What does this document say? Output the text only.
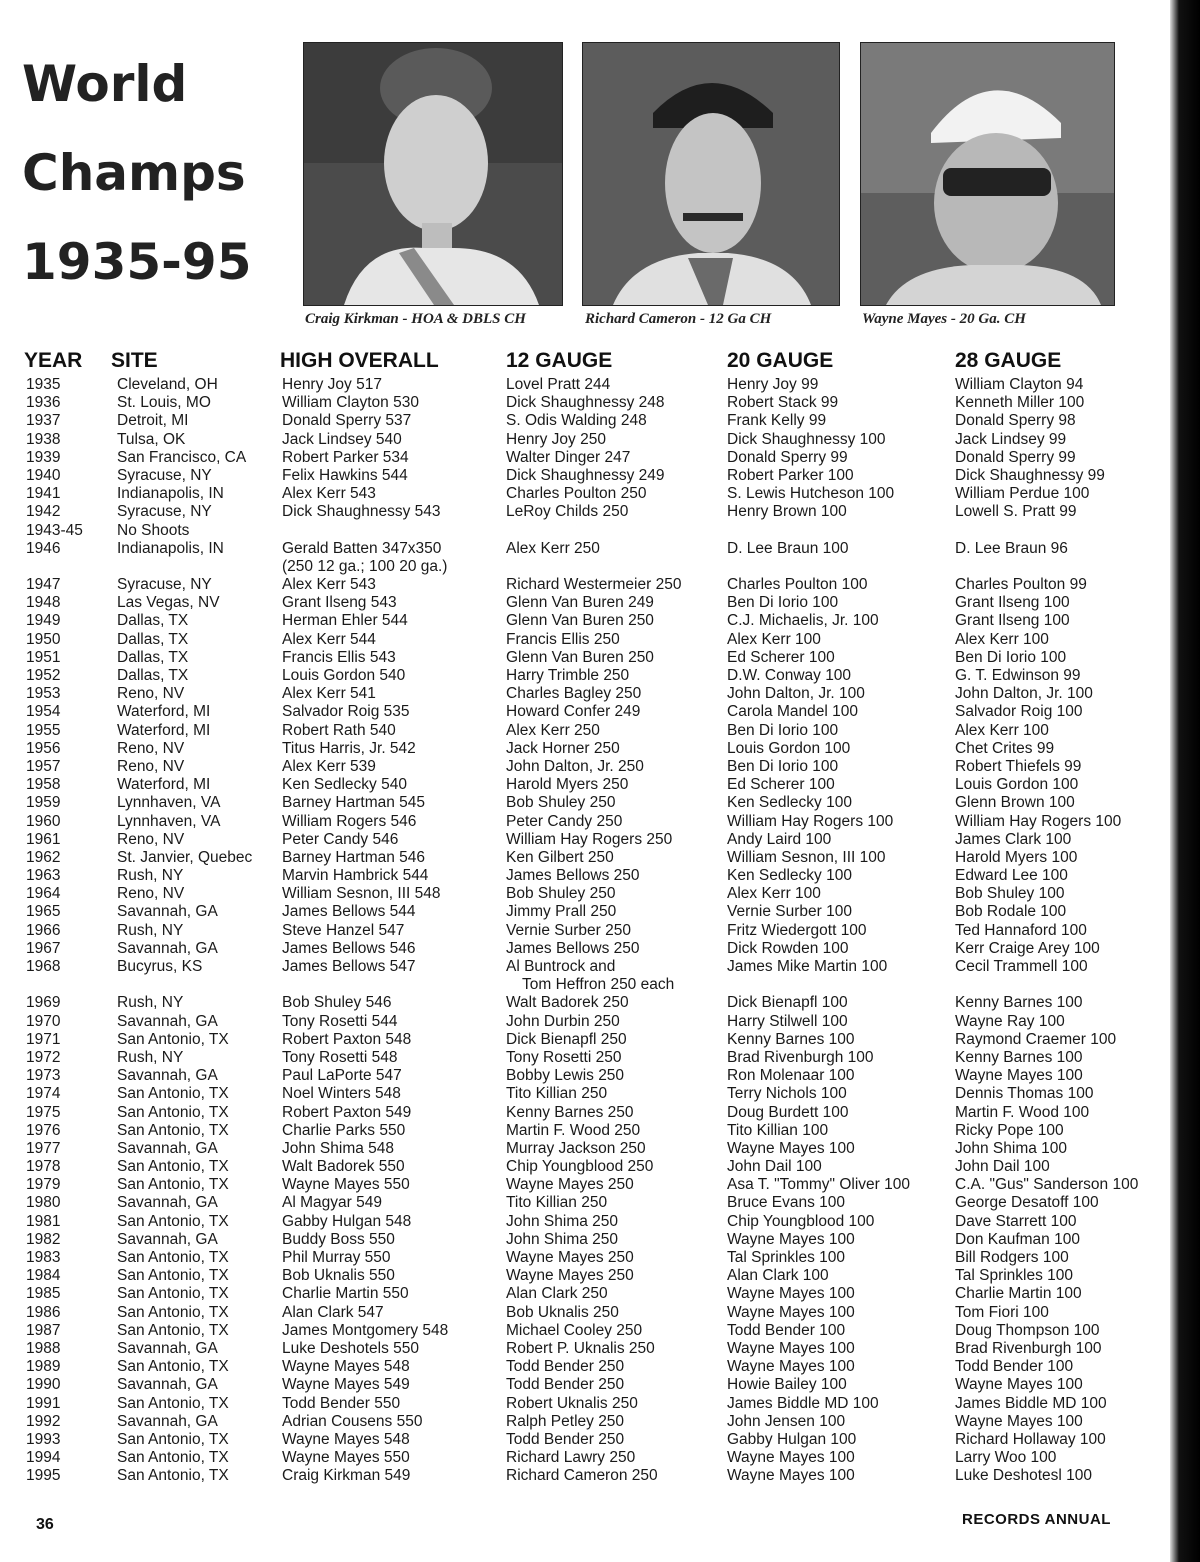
World
Champs
1935-95
Craig Kirkman - HOA & DBLS CH	Richard Cameron - 12 Ga CH	Wayne Mayes - 20 Ga. CH
YEAR SITE	HIGH OVERALL	12 GAUGE	20 GAUGE	28 GAUGE
1935	Cleveland, OH	Henry Joy 517	Lovel Pratt 244	Henry Joy 99	William Clayton 94
1936	St. Louis, MO	William Clayton 530	Dick Shaughnessy 248	Robert Stack 99	Kenneth Miller 100
1937	Detroit, MI	Donald Sperry 537	S. Odis Walding 248	Frank Kelly 99	Donald Sperry 98
1938	Tulsa, OK	Jack Lindsey 540	Henry Joy 250	Dick Shaughnessy 100	Jack Lindsey 99
1939	San Francisco, CA Robert Parker 534	Walter Dinger 247	Donald Sperry 99	Donald Sperry 99
1940	Syracuse, NY	Felix Hawkins 544	Dick Shaughnessy 249	Robert Parker 100	Dick Shaughnessy 99
1941	Indianapolis, IN	Alex Kerr 543	Charles Poulton 250	S. Lewis Hutcheson 100	William Perdue 100
1942	Syracuse, NY	Dick Shaughnessy 543	LeRoy Childs 250	Henry Brown 100	Lowell S. Pratt 99
1943-45 No Shoots
1946	Indianapolis, IN	Gerald Batten 347x350
(250 12 ga.; 100 20 ga.)
Alex Kerr 250	D. Lee Braun 100	D. Lee Braun 96
1947	Syracuse, NY	Alex Kerr 543	Richard Westermeier 250	Charles Poulton 100	Charles Poulton 99
1948	Las Vegas, NV	Grant Ilseng 543	Glenn Van Buren 249	Ben Di Iorio 100	Grant Ilseng 100
1949	Dallas, TX	Herman Ehler 544	Glenn Van Buren 250	C.J. Michaelis, Jr. 100	Grant Ilseng 100
1950	Dallas, TX	Alex Kerr 544	Francis Ellis 250	Alex Kerr 100	Alex Kerr 100
1951	Dallas, TX	Francis Ellis 543	Glenn Van Buren 250	Ed Scherer 100	Ben Di Iorio 100
1952	Dallas, TX	Louis Gordon 540	Harry Trimble 250	D.W. Conway 100	G. T. Edwinson 99
1953	Reno, NV	Alex Kerr 541	Charles Bagley 250	John Dalton, Jr. 100	John Dalton, Jr. 100
1954	Waterford, MI	Salvador Roig 535	Howard Confer 249	Carola Mandel 100	Salvador Roig 100
1955	Waterford, MI	Robert Rath 540	Alex Kerr 250	Ben Di Iorio 100	Alex Kerr 100
1956	Reno, NV	Titus Harris, Jr. 542	Jack Horner 250	Louis Gordon 100	Chet Crites 99
1957	Reno, NV	Alex Kerr 539	John Dalton, Jr. 250	Ben Di Iorio 100	Robert Thiefels 99
1958	Waterford, MI	Ken Sedlecky 540	Harold Myers 250	Ed Scherer 100	Louis Gordon 100
1959	Lynnhaven, VA	Barney Hartman 545	Bob Shuley 250	Ken Sedlecky 100	Glenn Brown 100
1960	Lynnhaven, VA	William Rogers 546	Peter Candy 250	William Hay Rogers 100	William Hay Rogers 100
1961	Reno, NV	Peter Candy 546	William Hay Rogers 250	Andy Laird 100	James Clark 100
1962	St. Janvier, Quebec Barney Hartman 546	Ken Gilbert 250	William Sesnon, III 100	Harold Myers 100
1963	Rush, NY	Marvin Hambrick 544	James Bellows 250	Ken Sedlecky 100	Edward Lee 100
1964	Reno, NV	William Sesnon, III 548	Bob Shuley 250	Alex Kerr 100	Bob Shuley 100
1965	Savannah, GA	James Bellows 544	Jimmy Prall 250	Vernie Surber 100	Bob Rodale 100
1966	Rush, NY	Steve Hanzel 547	Vernie Surber 250	Fritz Wiedergott 100	Ted Hannaford 100
1967	Savannah, GA	James Bellows 546	James Bellows 250	Dick Rowden 100	Kerr Craige Arey 100
1968	Bucyrus, KS	James Bellows 547	Al Buntrock and
Tom Heffron 250 each
James Mike Martin 100	Cecil Trammell 100
1969	Rush, NY	Bob Shuley 546	Walt Badorek 250	Dick Bienapfl 100	Kenny Barnes 100
1970	Savannah, GA	Tony Rosetti 544	John Durbin 250	Harry Stilwell 100	Wayne Ray 100
1971	San Antonio, TX	Robert Paxton 548	Dick Bienapfl 250	Kenny Barnes 100	Raymond Craemer 100
1972	Rush, NY	Tony Rosetti 548	Tony Rosetti 250	Brad Rivenburgh 100	Kenny Barnes 100
1973	Savannah, GA	Paul LaPorte 547	Bobby Lewis 250	Ron Molenaar 100	Wayne Mayes 100
1974	San Antonio, TX	Noel Winters 548	Tito Killian 250	Terry Nichols 100	Dennis Thomas 100
1975	San Antonio, TX	Robert Paxton 549	Kenny Barnes 250	Doug Burdett 100	Martin F. Wood 100
1976	San Antonio, TX	Charlie Parks 550	Martin F. Wood 250	Tito Killian 100	Ricky Pope 100
1977	Savannah, GA	John Shima 548	Murray Jackson 250	Wayne Mayes 100	John Shima 100
1978	San Antonio, TX	Walt Badorek 550	Chip Youngblood 250	John Dail 100	John Dail 100
1979	San Antonio, TX	Wayne Mayes 550	Wayne Mayes 250	Asa T. "Tommy" Oliver 100	C.A. "Gus" Sanderson 100
1980	Savannah, GA	Al Magyar 549	Tito Killian 250	Bruce Evans 100	George Desatoff 100
1981	San Antonio, TX	Gabby Hulgan 548	John Shima 250	Chip Youngblood 100	Dave Starrett 100
1982	Savannah, GA	Buddy Boss 550	John Shima 250	Wayne Mayes 100	Don Kaufman 100
1983	San Antonio, TX	Phil Murray 550	Wayne Mayes 250	Tal Sprinkles 100	Bill Rodgers 100
1984	San Antonio, TX	Bob Uknalis 550	Wayne Mayes 250	Alan Clark 100	Tal Sprinkles 100
1985	San Antonio, TX	Charlie Martin 550	Alan Clark 250	Wayne Mayes 100	Charlie Martin 100
1986	San Antonio, TX	Alan Clark 547	Bob Uknalis 250	Wayne Mayes 100	Tom Fiori 100
1987	San Antonio, TX	James Montgomery 548	Michael Cooley 250	Todd Bender 100	Doug Thompson 100
1988	Savannah, GA	Luke Deshotels 550	Robert P. Uknalis 250	Wayne Mayes 100	Brad Rivenburgh 100
1989	San Antonio, TX	Wayne Mayes 548	Todd Bender 250	Wayne Mayes 100	Todd Bender 100
1990	Savannah, GA	Wayne Mayes 549	Todd Bender 250	Howie Bailey 100	Wayne Mayes 100
1991	San Antonio, TX	Todd Bender 550	Robert Uknalis 250	James Biddle MD 100	James Biddle MD 100
1992	Savannah, GA	Adrian Cousens 550	Ralph Petley 250	John Jensen 100	Wayne Mayes 100
1993	San Antonio, TX	Wayne Mayes 548	Todd Bender 250	Gabby Hulgan 100	Richard Hollaway 100
1994	San Antonio, TX	Wayne Mayes 550	Richard Lawry 250	Wayne Mayes 100	Larry Woo 100
1995	San Antonio, TX	Craig Kirkman 549	Richard Cameron 250	Wayne Mayes 100	Luke Deshotesl 100
36	RECORDS ANNUAL
